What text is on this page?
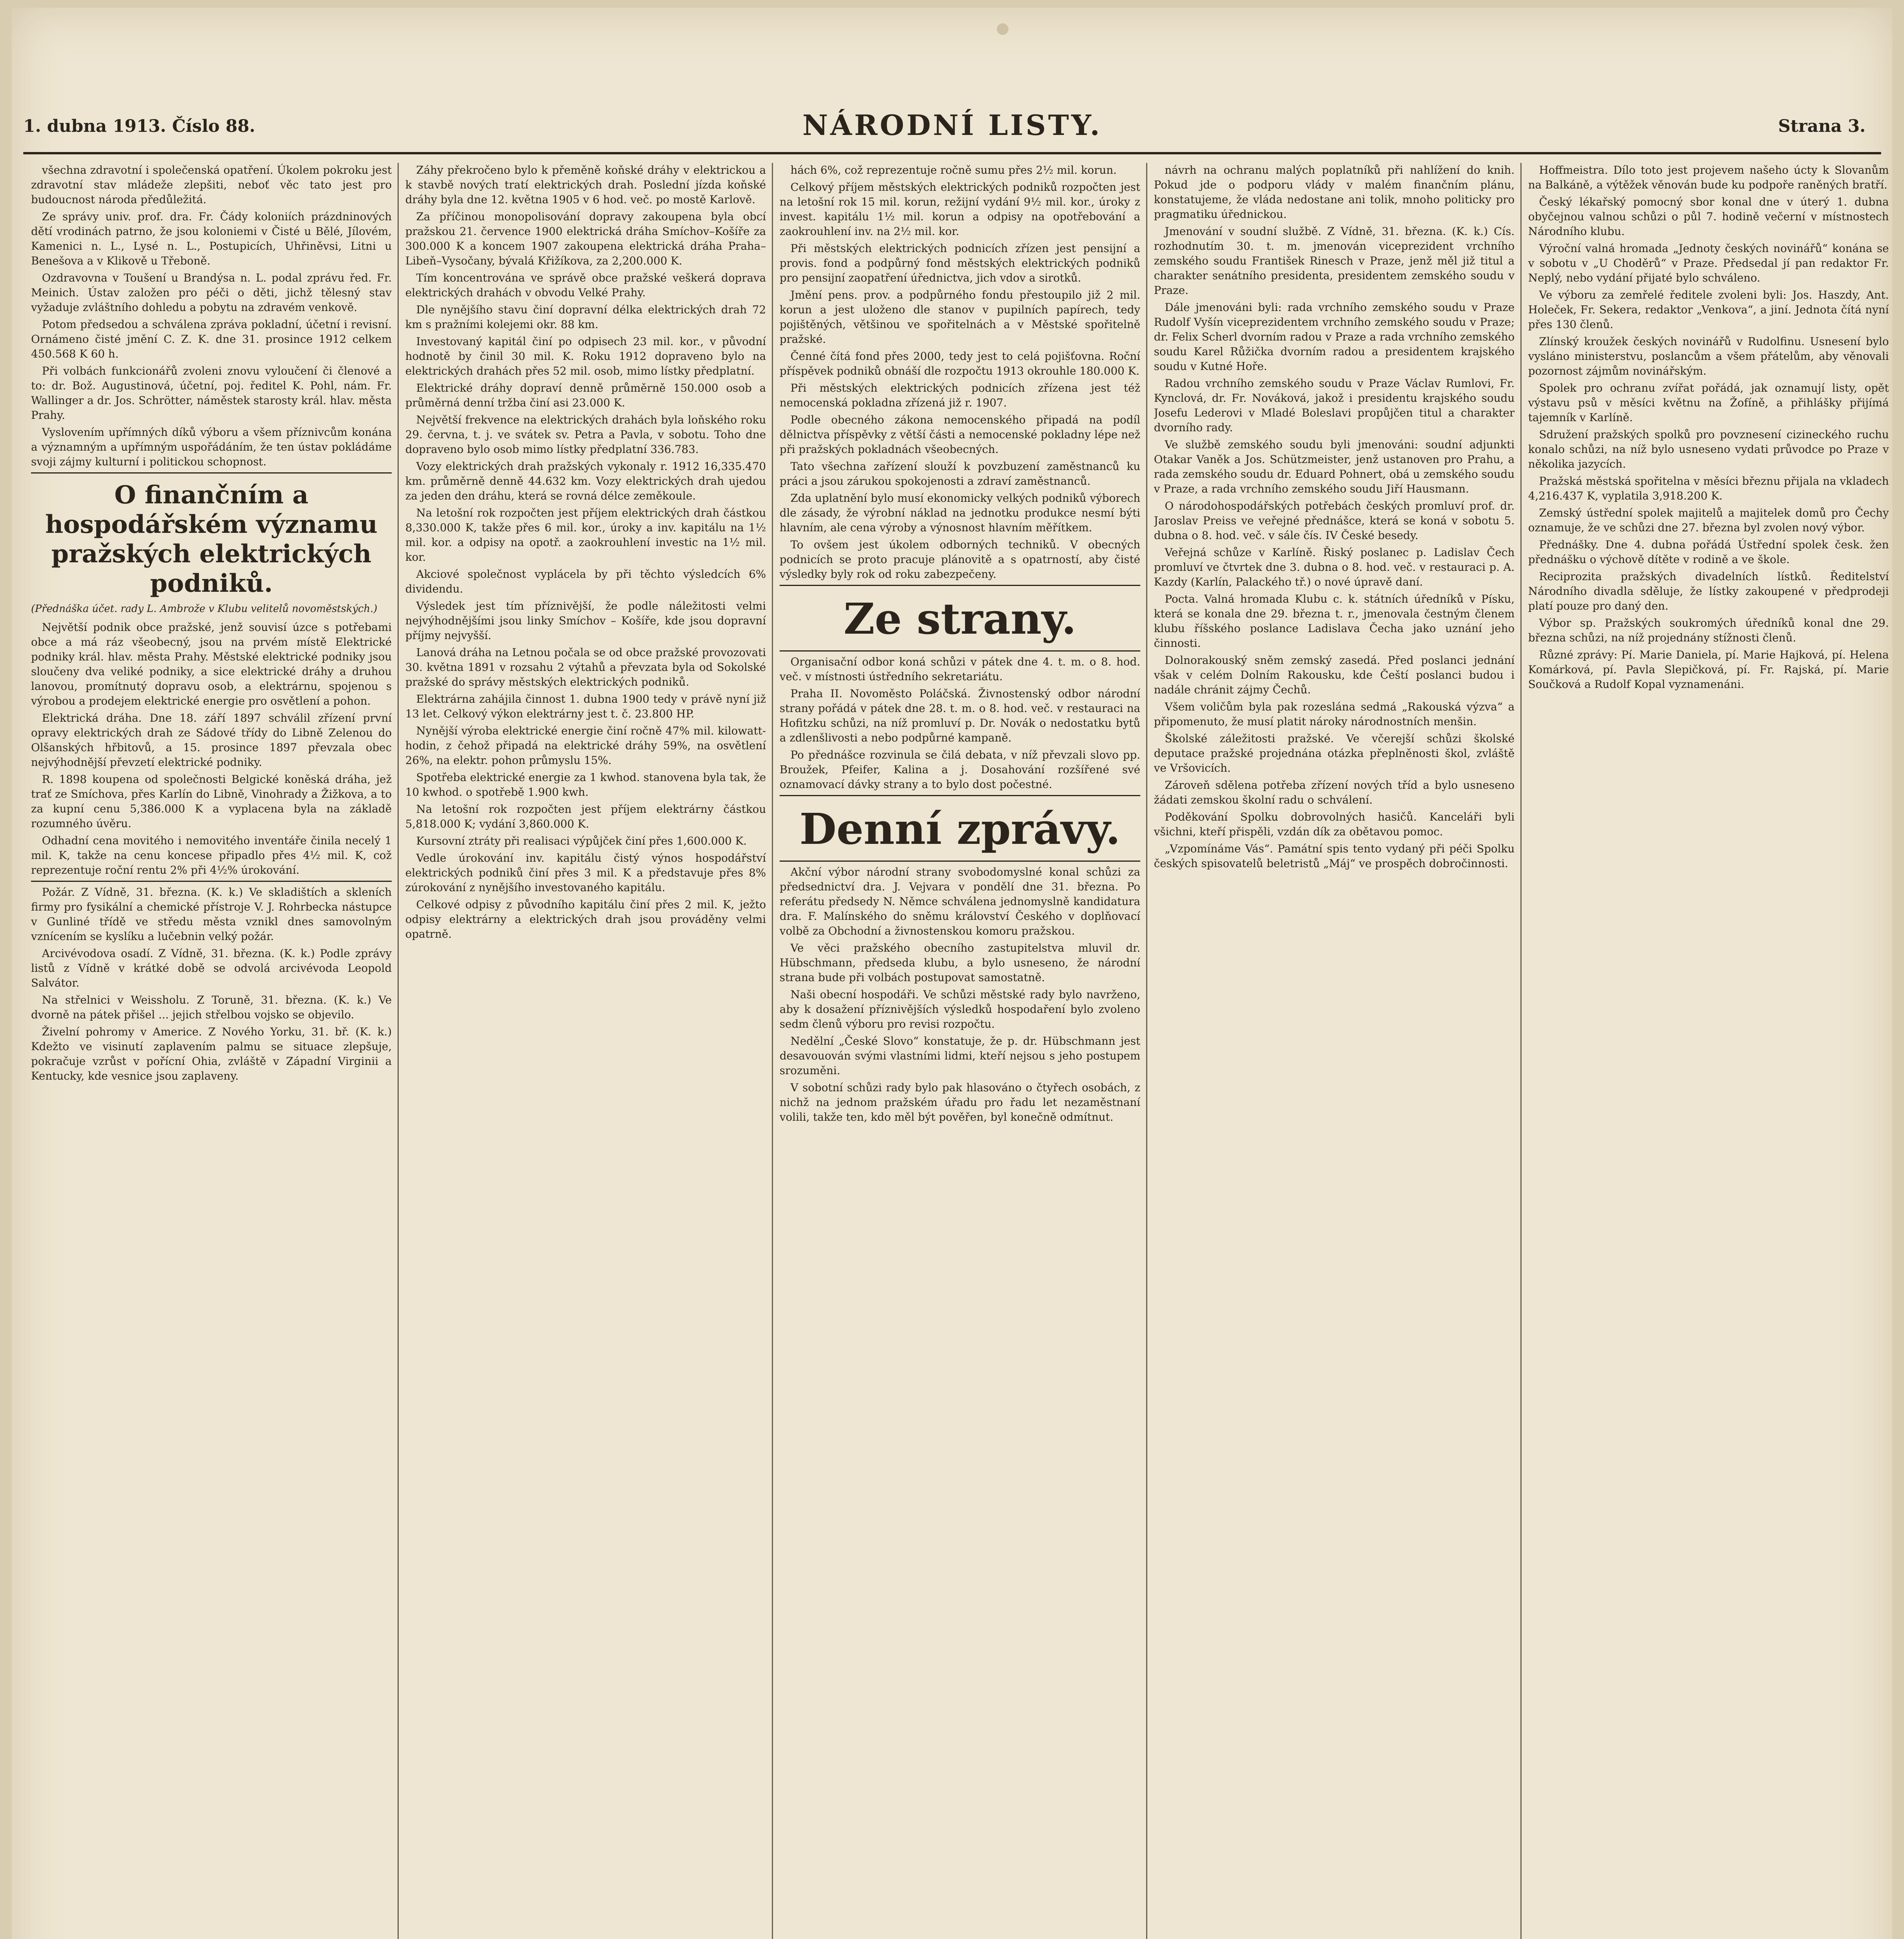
1. dubna 1913. Číslo 88.	NÁRODNÍ LISTY.	Strana 3.

všechna zdravotní i společenská opatření. Úkolem pokroku jest zdravotní stav mládeže zlepšiti, neboť věc tato jest pro budoucnost národa předůležitá.

Ze správy univ. prof. dra. Fr. Čády koloniích prázdninových dětí vrodinách patrno, že jsou koloniemi v Čisté u Bělé, Jílovém, Kamenici n. L., Lysé n. L., Postupicích, Uhřiněvsi, Litni u Benešova a v Klikově u Třeboně.

Ozdravovna v Toušení u Brandýsa n. L. podal zprávu řed. Fr. Meinich. Ústav založen pro péči o děti, jichž tělesný stav vyžaduje zvláštního dohledu a pobytu na zdravém venkově.

Potom předsedou a schválena zpráva pokladní, účetní i revisní. Ornámeno čisté jmění C. Z. K. dne 31. prosince 1912 celkem 450.568 K 60 h.

Při volbách funkcionářů zvoleni znovu vyloučení či členové a to: dr. Bož. Augustinová, účetní, poj. ředitel K. Pohl, nám. Fr. Wallinger a dr. Jos. Schrötter, náměstek starosty král. hlav. města Prahy.

Vyslovením upřímných díků výboru a všem příznivcům konána a významným a upřímným uspořádáním, že ten ústav pokládáme svoji zájmy kulturní i politickou schopnost.

O finančním a hospodářském významu pražských elektrických podniků.

(Přednáška účet. rady L. Ambrože v Klubu velitelů novoměstských.)

Největší podnik obce pražské, jenž souvisí úzce s potřebami obce a má ráz všeobecný, jsou na prvém místě Elektrické podniky král. hlav. města Prahy. Městské elektrické podniky jsou sloučeny dva veliké podniky, a sice elektrické dráhy a druhou lanovou, promítnutý dopravu osob, a elektrárnu, spojenou s výrobou a prodejem elektrické energie pro osvětlení a pohon.

Elektrická dráha. Dne 18. září 1897 schválil zřízení první opravy elektrických drah ze Sádové třídy do Libně Zelenou do Olšanských hřbitovů, a 15. prosince 1897 převzala obec nejvýhodnější převzetí elektrické podniky.

R. 1898 koupena od společnosti Belgické koněská dráha, jež trať ze Smíchova, přes Karlín do Libně, Vinohrady a Žižkova, a to za kupní cenu 5,386.000 K a vyplacena byla na základě rozumného úvěru.

Odhadní cena movitého i nemovitého inventáře činila necelý 1 mil. K, takže na cenu koncese připadlo přes 4½ mil. K, což reprezentuje roční rentu 2% při 4½% úrokování.

Požár. Z Vídně, 31. března. (K. k.) Ve skladištích a skleních firmy pro fysikální a chemické přístroje V. J. Rohrbecka nástupce v Gunliné třídě ve středu města vznikl dnes samovolným vznícením se kyslíku a lučebnin velký požár.

Arcivévodova osadí. Z Vídně, 31. března. (K. k.) Podle zprávy listů z Vídně v krátké době se odvolá arcivévoda Leopold Salvátor.

Na střelnici v Weissholu. Z Toruně, 31. března. (K. k.) Ve dvorně na pátek přišel ... jejich střelbou vojsko se objevilo.

Živelní pohromy v Americe. Z Nového Yorku, 31. bř. (K. k.) Kdežto ve visinutí zaplavením palmu se situace zlepšuje, pokračuje vzrůst v pořícní Ohia, zvláště v Západní Virginii a Kentucky, kde vesnice jsou zaplaveny.

Záhy překročeno bylo k přeměně koňské dráhy v elektrickou a k stavbě nových tratí elektrických drah. Poslední jízda koňské dráhy byla dne 12. května 1905 v 6 hod. več. po mostě Karlově.

Za příčinou monopolisování dopravy zakoupena byla obcí pražskou 21. července 1900 elektrická dráha Smíchov–Košíře za 300.000 K a koncem 1907 zakoupena elektrická dráha Praha–Libeň–Vysočany, bývalá Křižíkova, za 2,200.000 K.

Tím koncentrována ve správě obce pražské veškerá doprava elektrických drahách v obvodu Velké Prahy.

Dle nynějšího stavu činí dopravní délka elektrických drah 72 km s pražními kolejemi okr. 88 km.

Investovaný kapitál činí po odpisech 23 mil. kor., v původní hodnotě by činil 30 mil. K. Roku 1912 dopraveno bylo na elektrických drahách přes 52 mil. osob, mimo lístky předplatní.

Elektrické dráhy dopraví denně průměrně 150.000 osob a průměrná denní tržba činí asi 23.000 K.

Největší frekvence na elektrických drahách byla loňského roku 29. června, t. j. ve svátek sv. Petra a Pavla, v sobotu. Toho dne dopraveno bylo osob mimo lístky předplatní 336.783.

Vozy elektrických drah pražských vykonaly r. 1912 16,335.470 km. průměrně denně 44.632 km. Vozy elektrických drah ujedou za jeden den dráhu, která se rovná délce zeměkoule.

Na letošní rok rozpočten jest příjem elektrických drah částkou 8,330.000 K, takže přes 6 mil. kor., úroky a inv. kapitálu na 1½ mil. kor. a odpisy na opotř. a zaokrouhlení investic na 1½ mil. kor.

Akciové společnost vyplácela by při těchto výsledcích 6% dividendu.

Výsledek jest tím příznivější, že podle náležitosti velmi nejvýhodnějšími jsou linky Smíchov – Košíře, kde jsou dopravní příjmy nejvyšší.

Lanová dráha na Letnou počala se od obce pražské provozovati 30. května 1891 v rozsahu 2 výtahů a převzata byla od Sokolské pražské do správy městských elektrických podniků.

Elektrárna zahájila činnost 1. dubna 1900 tedy v právě nyní již 13 let. Celkový výkon elektrárny jest t. č. 23.800 HP.

Nynější výroba elektrické energie činí ročně 47% mil. kilowatt-hodin, z čehož připadá na elektrické dráhy 59%, na osvětlení 26%, na elektr. pohon průmyslu 15%.

Spotřeba elektrické energie za 1 kwhod. stanovena byla tak, že 10 kwhod. o spotřebě 1.900 kwh.

Na letošní rok rozpočten jest příjem elektrárny částkou 5,818.000 K; vydání 3,860.000 K.

Kursovní ztráty při realisaci výpůjček činí přes 1,600.000 K.

Vedle úrokování inv. kapitálu čistý výnos hospodářství elektrických podniků činí přes 3 mil. K a představuje přes 8% zúrokování z nynějšího investovaného kapitálu.

Celkové odpisy z původního kapitálu činí přes 2 mil. K, ježto odpisy elektrárny a elektrických drah jsou prováděny velmi opatrně.

hách 6%, což reprezentuje ročně sumu přes 2½ mil. korun.

Celkový příjem městských elektrických podniků rozpočten jest na letošní rok 15 mil. korun, režijní vydání 9½ mil. kor., úroky z invest. kapitálu 1½ mil. korun a odpisy na opotřebování a zaokrouhlení inv. na 2½ mil. kor.

Při městských elektrických podnicích zřízen jest pensijní a provis. fond a podpůrný fond městských elektrických podniků pro pensijní zaopatření úřednictva, jich vdov a sirotků.

Jmění pens. prov. a podpůrného fondu přestoupilo již 2 mil. korun a jest uloženo dle stanov v pupilních papírech, tedy pojištěných, většinou ve spořitelnách a v Městské spořitelně pražské.

Čenné čítá fond přes 2000, tedy jest to celá pojišťovna. Roční příspěvek podniků obnáší dle rozpočtu 1913 okrouhle 180.000 K.

Při městských elektrických podnicích zřízena jest též nemocenská pokladna zřízená již r. 1907.

Podle obecného zákona nemocenského připadá na podíl dělnictva příspěvky z větší části a nemocenské pokladny lépe než při pražských pokladnách všeobecných.

Tato všechna zařízení slouží k povzbuzení zaměstnanců ku práci a jsou zárukou spokojenosti a zdraví zaměstnanců.

Zda uplatnění bylo musí ekonomicky velkých podniků výborech dle zásady, že výrobní náklad na jednotku produkce nesmí býti hlavním, ale cena výroby a výnosnost hlavním měřítkem.

To ovšem jest úkolem odborných techniků. V obecných podnicích se proto pracuje plánovitě a s opatrností, aby čisté výsledky byly rok od roku zabezpečeny.

Ze strany.

Organisační odbor koná schůzi v pátek dne 4. t. m. o 8. hod. več. v místnosti ústředního sekretariátu.

Praha II. Novoměsto Poláčská. Živnostenský odbor národní strany pořádá v pátek dne 28. t. m. o 8. hod. več. v restauraci na Hofitzku schůzi, na níž promluví p. Dr. Novák o nedostatku bytů a zdlenšlivosti a nebo podpůrné kampaně.

Po přednášce rozvinula se čilá debata, v níž převzali slovo pp. Broužek, Pfeifer, Kalina a j. Dosahování rozšířené své oznamovací dávky strany a to bylo dost počestné.

Denní zprávy.

Akční výbor národní strany svobodomyslné konal schůzi za předsednictví dra. J. Vejvara v pondělí dne 31. března. Po referátu předsedy N. Němce schválena jednomyslně kandidatura dra. F. Malínského do sněmu království Českého v doplňovací volbě za Obchodní a živnostenskou komoru pražskou.

Ve věci pražského obecního zastupitelstva mluvil dr. Hübschmann, předseda klubu, a bylo usneseno, že národní strana bude při volbách postupovat samostatně.

Naši obecní hospodáři. Ve schůzi městské rady bylo navrženo, aby k dosažení příznivějších výsledků hospodaření bylo zvoleno sedm členů výboru pro revisi rozpočtu.

Nedělní „České Slovo“ konstatuje, že p. dr. Hübschmann jest desavouován svými vlastními lidmi, kteří nejsou s jeho postupem srozuměni.

V sobotní schůzi rady bylo pak hlasováno o čtyřech osobách, z nichž na jednom pražském úřadu pro řadu let nezaměstnaní volili, takže ten, kdo měl být pověřen, byl konečně odmítnut.

návrh na ochranu malých poplatníků při nahlížení do knih. Pokud jde o podporu vlády v malém finančním plánu, konstatujeme, že vláda nedostane ani tolik, mnoho politicky pro pragmatiku úřednickou.

Jmenování v soudní službě. Z Vídně, 31. března. (K. k.) Cís. rozhodnutím 30. t. m. jmenován viceprezident vrchního zemského soudu František Rinesch v Praze, jenž měl již titul a charakter senátního presidenta, presidentem zemského soudu v Praze.

Dále jmenováni byli: rada vrchního zemského soudu v Praze Rudolf Vyšín viceprezidentem vrchního zemského soudu v Praze; dr. Felix Scherl dvorním radou v Praze a rada vrchního zemského soudu Karel Růžička dvorním radou a presidentem krajského soudu v Kutné Hoře.

Radou vrchního zemského soudu v Praze Václav Rumlovi, Fr. Kynclová, dr. Fr. Nováková, jakož i presidentu krajského soudu Josefu Lederovi v Mladé Boleslavi propůjčen titul a charakter dvorního rady.

Ve službě zemského soudu byli jmenováni: soudní adjunkti Otakar Vaněk a Jos. Schützmeister, jenž ustanoven pro Prahu, a rada zemského soudu dr. Eduard Pohnert, obá u zemského soudu v Praze, a rada vrchního zemského soudu Jiří Hausmann.

O národohospodářských potřebách českých promluví prof. dr. Jaroslav Preiss ve veřejné přednášce, která se koná v sobotu 5. dubna o 8. hod. več. v sále čís. IV České besedy.

Veřejná schůze v Karlíně. Řiský poslanec p. Ladislav Čech promluví ve čtvrtek dne 3. dubna o 8. hod. več. v restauraci p. A. Kazdy (Karlín, Palackého tř.) o nové úpravě daní.

Pocta. Valná hromada Klubu c. k. státních úředníků v Písku, která se konala dne 29. března t. r., jmenovala čestným členem klubu říšského poslance Ladislava Čecha jako uznání jeho činnosti.

Dolnorakouský sněm zemský zasedá. Před poslanci jednání však v celém Dolním Rakousku, kde Čeští poslanci budou i nadále chránit zájmy Čechů.

Všem voličům byla pak rozeslána sedmá „Rakouská výzva“ a připomenuto, že musí platit nároky národnostních menšin.

Školské záležitosti pražské. Ve včerejší schůzi školské deputace pražské projednána otázka přeplněnosti škol, zvláště ve Vršovicích.

Zároveň sdělena potřeba zřízení nových tříd a bylo usneseno žádati zemskou školní radu o schválení.

Poděkování Spolku dobrovolných hasičů. Kanceláři byli všichni, kteří přispěli, vzdán dík za obětavou pomoc.

„Vzpomínáme Vás“. Památní spis tento vydaný při péči Spolku českých spisovatelů beletristů „Máj“ ve prospěch dobročinnosti.

Hoffmeistra. Dílo toto jest projevem našeho úcty k Slovanům na Balkáně, a výtěžek věnován bude ku podpoře raněných bratří.

Český lékařský pomocný sbor konal dne v úterý 1. dubna obyčejnou valnou schůzi o půl 7. hodině večerní v místnostech Národního klubu.

Výroční valná hromada „Jednoty českých novinářů“ konána se v sobotu v „U Choděrů“ v Praze. Předsedal jí pan redaktor Fr. Neplý, nebo vydání přijaté bylo schváleno.

Ve výboru za zemřelé ředitele zvoleni byli: Jos. Haszdy, Ant. Holeček, Fr. Sekera, redaktor „Venkova“, a jiní. Jednota čítá nyní přes 130 členů.

Zlínský kroužek českých novinářů v Rudolfinu. Usnesení bylo vysláno ministerstvu, poslancům a všem přátelům, aby věnovali pozornost zájmům novinářským.

Spolek pro ochranu zvířat pořádá, jak oznamují listy, opět výstavu psů v měsíci květnu na Žofíně, a přihlášky přijímá tajemník v Karlíně.

Sdružení pražských spolků pro povznesení cizineckého ruchu konalo schůzi, na níž bylo usneseno vydati průvodce po Praze v několika jazycích.

Pražská městská spořitelna v měsíci březnu přijala na vkladech 4,216.437 K, vyplatila 3,918.200 K.

Zemský ústřední spolek majitelů a majitelek domů pro Čechy oznamuje, že ve schůzi dne 27. března byl zvolen nový výbor.

Přednášky. Dne 4. dubna pořádá Ústřední spolek česk. žen přednášku o výchově dítěte v rodině a ve škole.

Reciprozita pražských divadelních lístků. Ředitelství Národního divadla sděluje, že lístky zakoupené v předprodeji platí pouze pro daný den.

Výbor sp. Pražských soukromých úředníků konal dne 29. března schůzi, na níž projednány stížnosti členů.

Různé zprávy: Pí. Marie Daniela, pí. Marie Hajková, pí. Helena Komárková, pí. Pavla Slepičková, pí. Fr. Rajská, pí. Marie Součková a Rudolf Kopal vyznamenáni.
